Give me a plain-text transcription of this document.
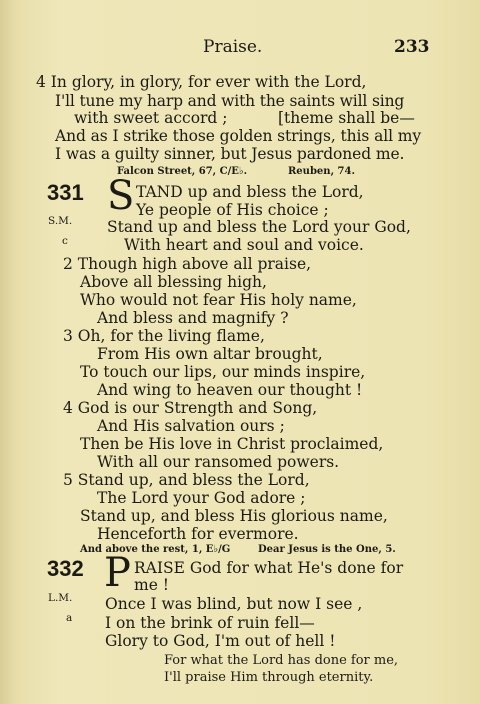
Praise.	233
4 In glory, in glory, for ever with the Lord,
I'll tune my harp and with the saints will sing
with sweet accord ;	[theme shall be—
And as I strike those golden strings, this all my
I was a guilty sinner, but Jesus pardoned me.
Falcon Street, 67, C/E♭.	Reuben, 74.
331 S
S.M.
c
TAND up and bless the Lord,
Ye people of His choice ;
Stand up and bless the Lord your God,
With heart and soul and voice.
2 Though high above all praise,
Above all blessing high,
Who would not fear His holy name,
And bless and magnify ?
3 Oh, for the living flame,
From His own altar brought,
To touch our lips, our minds inspire,
And wing to heaven our thought !
4 God is our Strength and Song,
And His salvation ours ;
Then be His love in Christ proclaimed,
With all our ransomed powers.
5 Stand up, and bless the Lord,
The Lord your God adore ;
Stand up, and bless His glorious name,
Henceforth for evermore.
And above the rest, 1, E♭/G	Dear Jesus is the One, 5.
332 P
L.M.
a
RAISE God for what He's done for
me !
Once I was blind, but now I see ,
I on the brink of ruin fell—
Glory to God, I'm out of hell !
For what the Lord has done for me,
I'll praise Him through eternity.
